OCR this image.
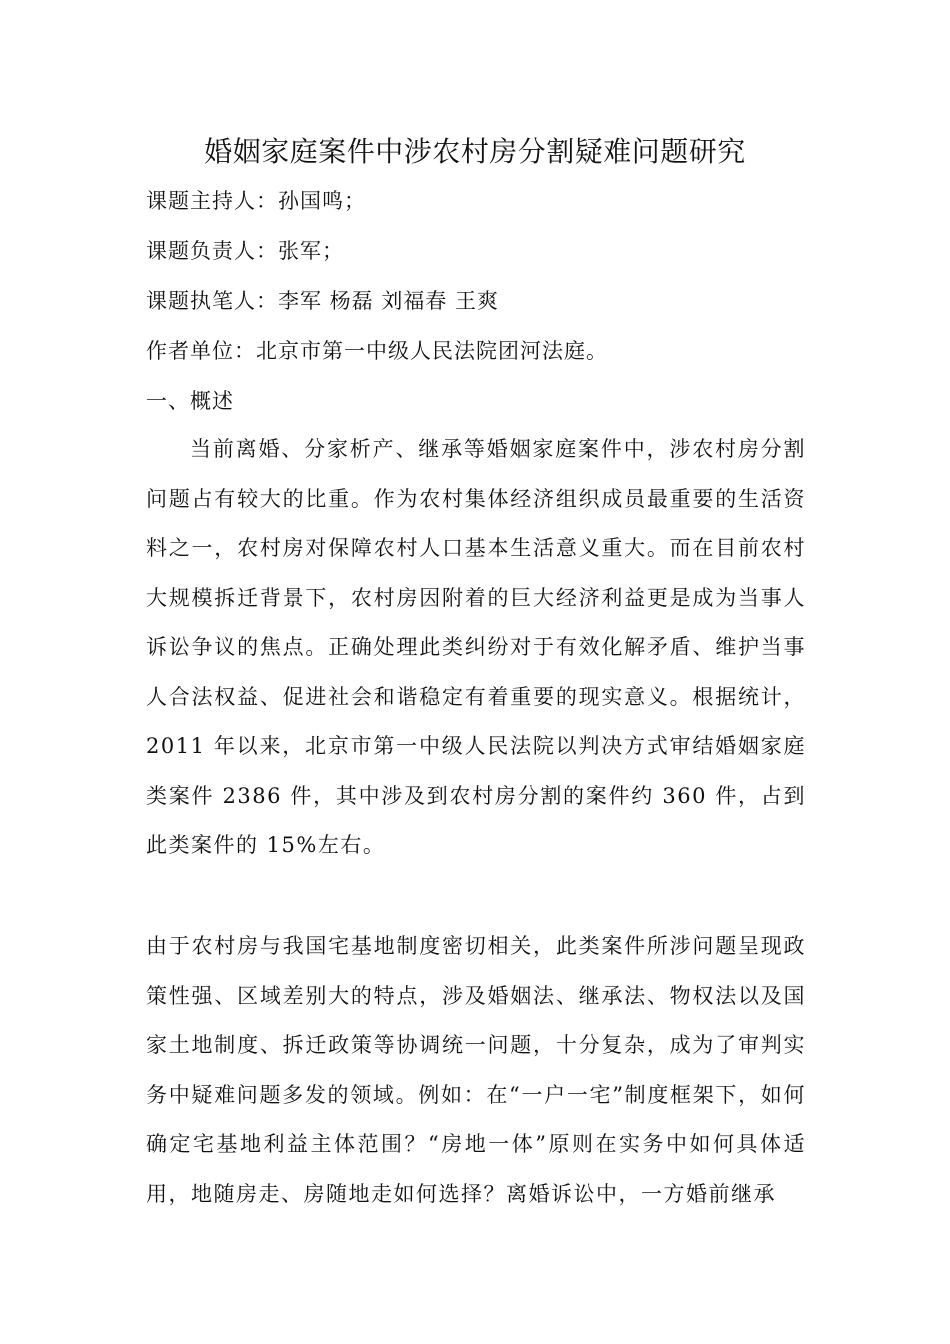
婚姻家庭案件中涉农村房分割疑难问题研究
课题主持人：孙国鸣；
课题负责人：张军；
课题执笔人：李军 杨磊 刘福春 王爽
作者单位：北京市第一中级人民法院团河法庭。
一、概述

当前离婚、分家析产、继承等婚姻家庭案件中，涉农村房分割问题占有较大的比重。作为农村集体经济组织成员最重要的生活资料之一，农村房对保障农村人口基本生活意义重大。而在目前农村大规模拆迁背景下，农村房因附着的巨大经济利益更是成为当事人诉讼争议的焦点。正确处理此类纠纷对于有效化解矛盾、维护当事人合法权益、促进社会和谐稳定有着重要的现实意义。根据统计，2011 年以来，北京市第一中级人民法院以判决方式审结婚姻家庭类案件 2386 件，其中涉及到农村房分割的案件约 360 件，占到此类案件的 15%左右。

由于农村房与我国宅基地制度密切相关，此类案件所涉问题呈现政策性强、区域差别大的特点，涉及婚姻法、继承法、物权法以及国家土地制度、拆迁政策等协调统一问题，十分复杂，成为了审判实务中疑难问题多发的领域。例如：在“一户一宅”制度框架下，如何确定宅基地利益主体范围？“房地一体”原则在实务中如何具体适用，地随房走、房随地走如何选择？离婚诉讼中，一方婚前继承
